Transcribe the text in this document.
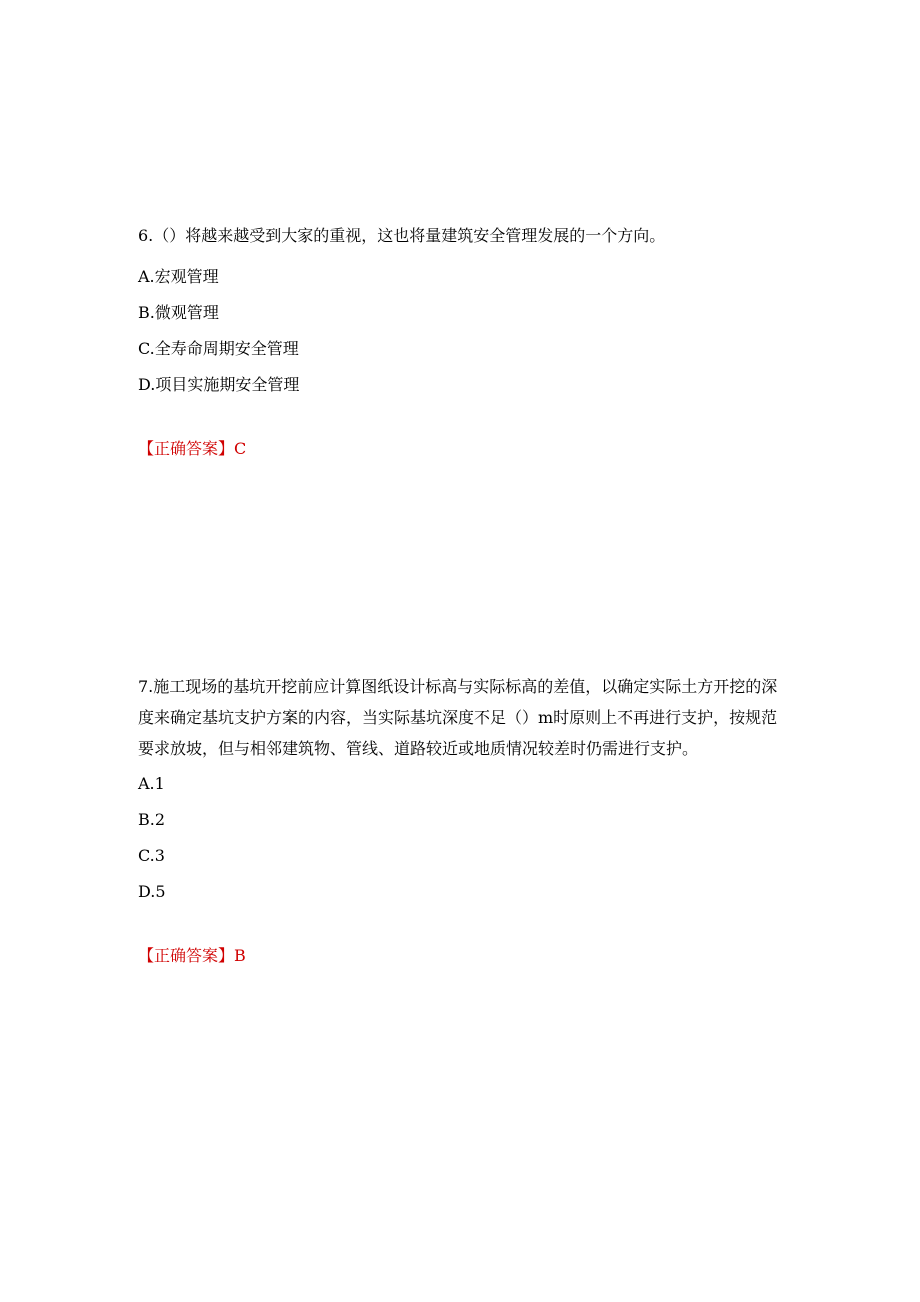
6.（）将越来越受到大家的重视，这也将量建筑安全管理发展的一个方向。

A.宏观管理
B.微观管理
C.全寿命周期安全管理
D.项目实施期安全管理
【正确答案】C

7.施工现场的基坑开挖前应计算图纸设计标高与实际标高的差值，以确定实际土方开挖的深度来确定基坑支护方案的内容，当实际基坑深度不足（）m时原则上不再进行支护，按规范要求放坡，但与相邻建筑物、管线、道路较近或地质情况较差时仍需进行支护。

A.1
B.2
C.3
D.5
【正确答案】B
